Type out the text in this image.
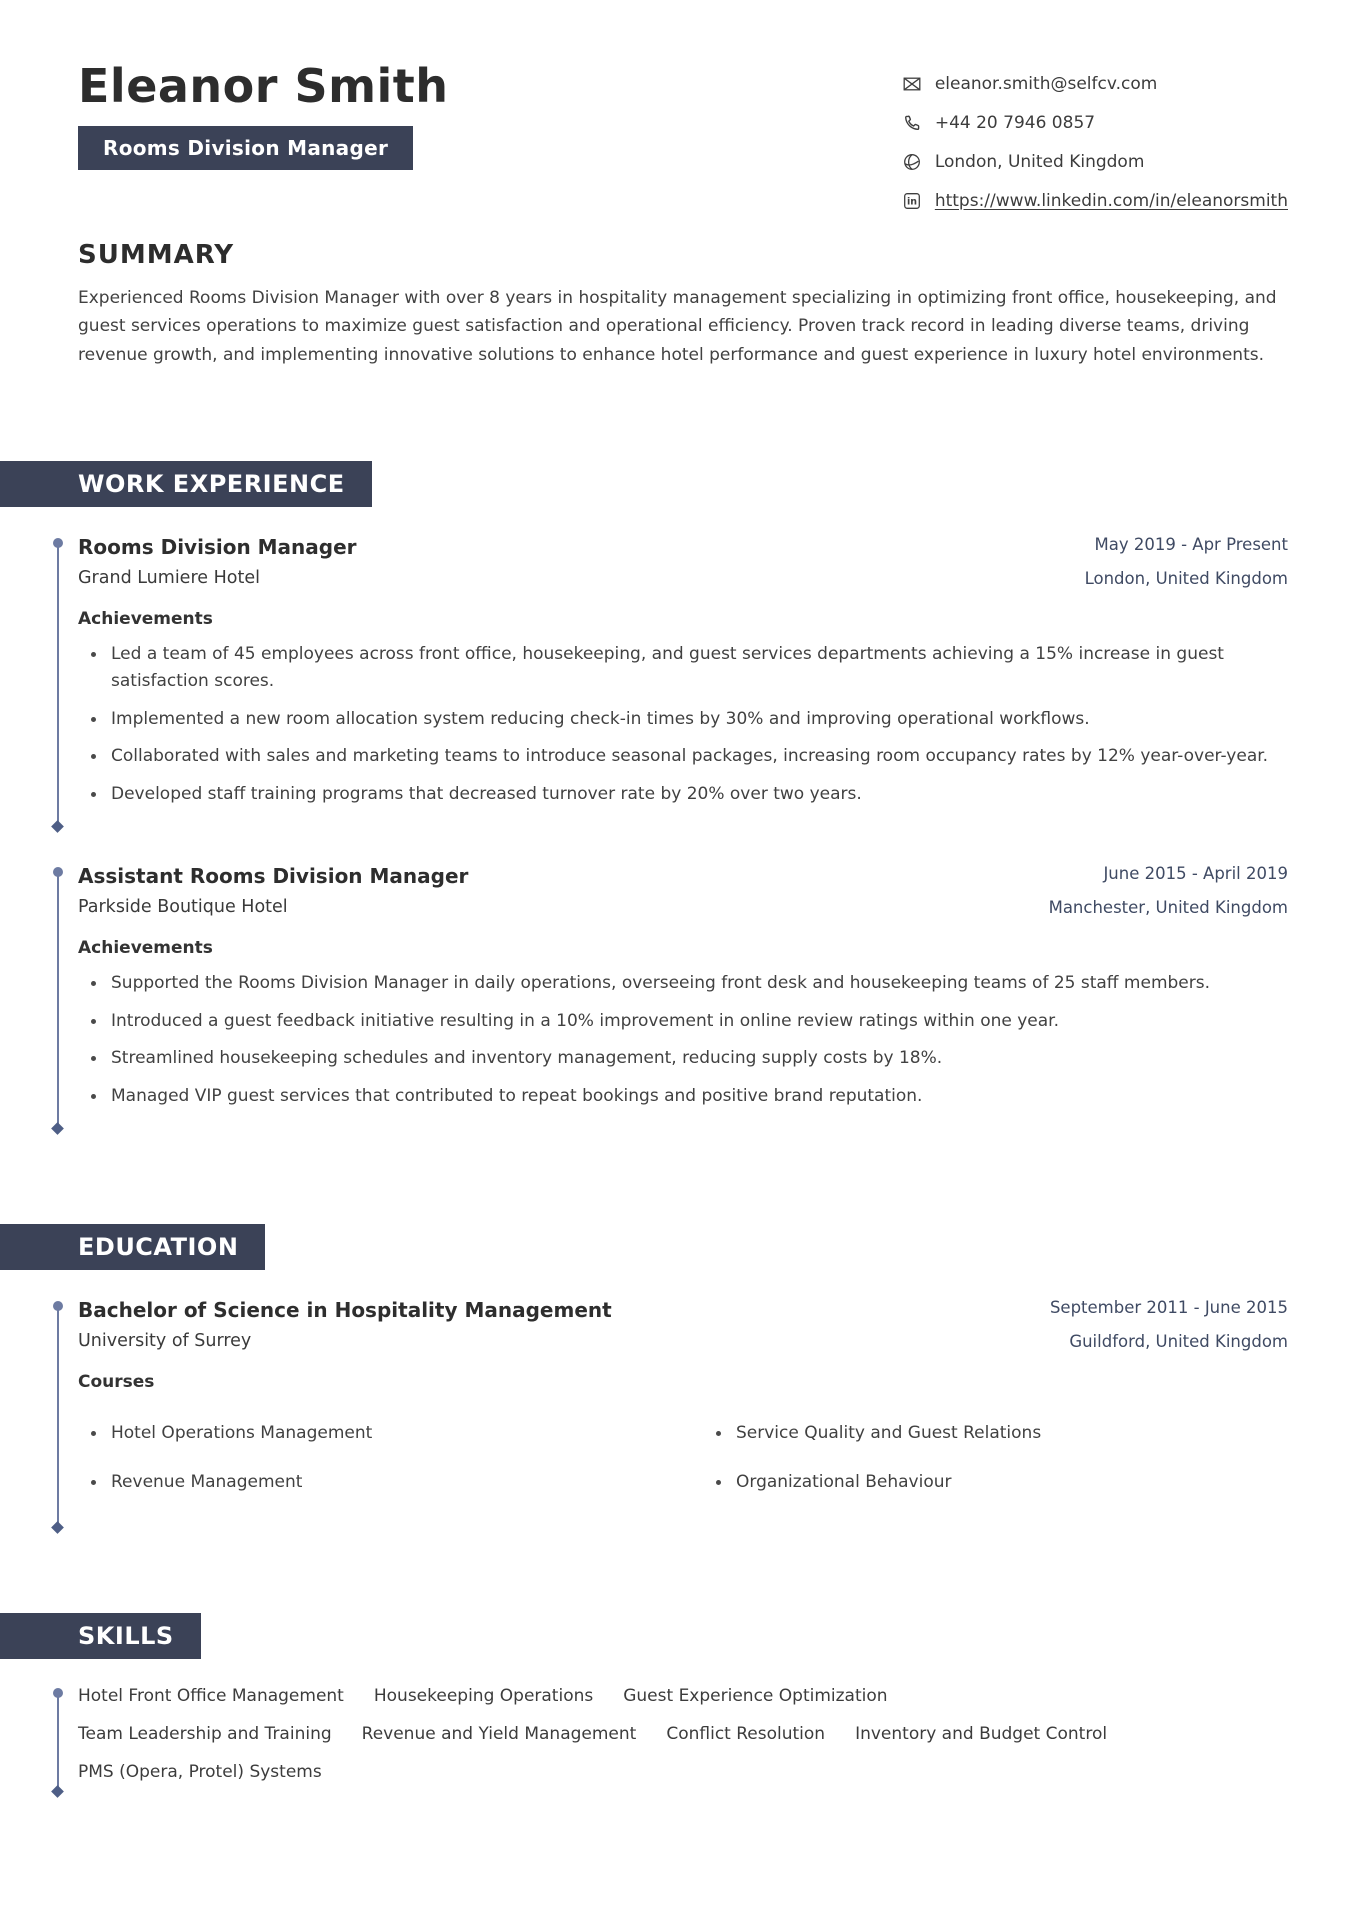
Eleanor Smith
Rooms Division Manager
eleanor.smith@selfcv.com
+44 20 7946 0857
London, United Kingdom
in https://www.linkedin.com/in/eleanorsmith
SUMMARY

Experienced Rooms Division Manager with over 8 years in hospitality management specializing in optimizing front office, housekeeping, and guest services operations to maximize guest satisfaction and operational efficiency. Proven track record in leading diverse teams, driving revenue growth, and implementing innovative solutions to enhance hotel performance and guest experience in luxury hotel environments.

WORK EXPERIENCE
Rooms Division Manager
Grand Lumiere Hotel
May 2019 - Apr Present
London, United Kingdom
Achievements
Led a team of 45 employees across front office, housekeeping, and guest services departments achieving a 15% increase in guest satisfaction scores.
Implemented a new room allocation system reducing check-in times by 30% and improving operational workflows.
Collaborated with sales and marketing teams to introduce seasonal packages, increasing room occupancy rates by 12% year-over-year.
Developed staff training programs that decreased turnover rate by 20% over two years.
Assistant Rooms Division Manager
Parkside Boutique Hotel
June 2015 - April 2019
Manchester, United Kingdom
Achievements
Supported the Rooms Division Manager in daily operations, overseeing front desk and housekeeping teams of 25 staff members.
Introduced a guest feedback initiative resulting in a 10% improvement in online review ratings within one year.
Streamlined housekeeping schedules and inventory management, reducing supply costs by 18%.
Managed VIP guest services that contributed to repeat bookings and positive brand reputation.
EDUCATION
Bachelor of Science in Hospitality Management
University of Surrey
September 2011 - June 2015
Guildford, United Kingdom
Courses
Hotel Operations Management
Revenue Management
Service Quality and Guest Relations
Organizational Behaviour
SKILLS
Hotel Front Office Management Housekeeping Operations Guest Experience Optimization
Team Leadership and Training Revenue and Yield Management Conflict Resolution Inventory and Budget Control
PMS (Opera, Protel) Systems
